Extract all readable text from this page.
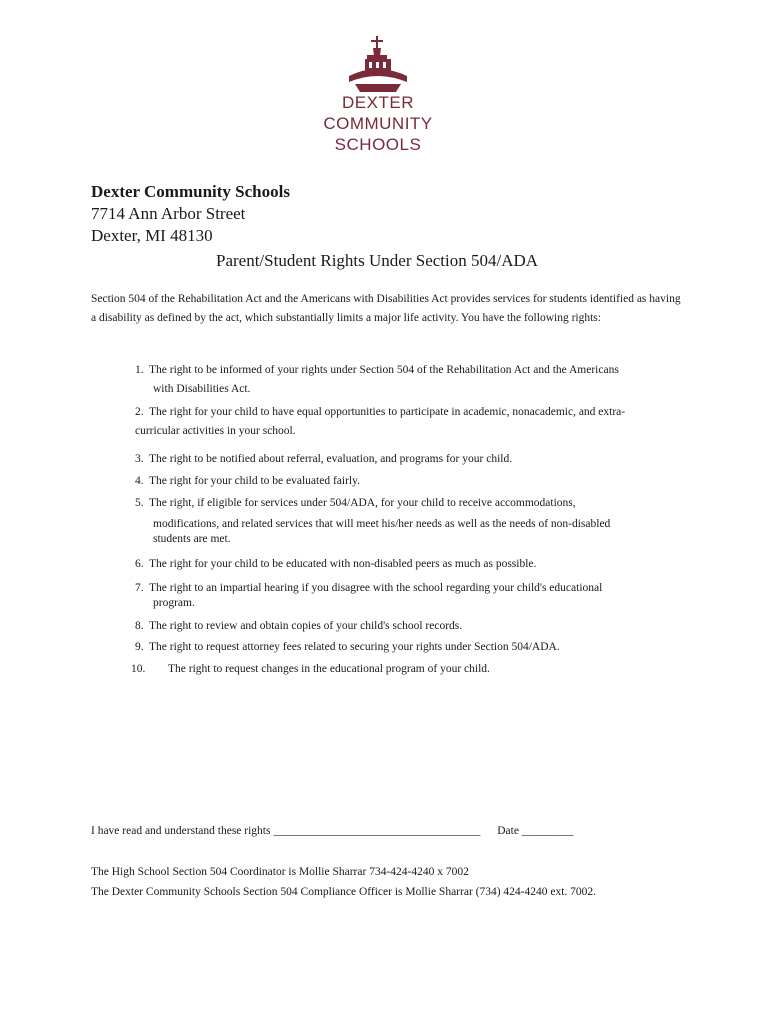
DEXTER
COMMUNITY
SCHOOLS
Dexter Community Schools
7714 Ann Arbor Street
Dexter, MI 48130
Parent/Student Rights Under Section 504/ADA
Section 504 of the Rehabilitation Act and the Americans with Disabilities Act provides services for students identified as having a disability as defined by the act, which substantially limits a major life activity. You have the following rights:
1. The right to be informed of your rights under Section 504 of the Rehabilitation Act and the Americans
with Disabilities Act.
2. The right for your child to have equal opportunities to participate in academic, nonacademic, and extra-
curricular activities in your school.
3. The right to be notified about referral, evaluation, and programs for your child.
4. The right for your child to be evaluated fairly.
5. The right, if eligible for services under 504/ADA, for your child to receive accommodations,
modifications, and related services that will meet his/her needs as well as the needs of non-disabled
students are met.
6. The right for your child to be educated with non-disabled peers as much as possible.
7. The right to an impartial hearing if you disagree with the school regarding your child's educational
program.
8. The right to review and obtain copies of your child's school records.
9. The right to request attorney fees related to securing your rights under Section 504/ADA.
10. The right to request changes in the educational program of your child.
I have read and understand these rights ____________________________________ Date _________
The High School Section 504 Coordinator is Mollie Sharrar 734-424-4240 x 7002
The Dexter Community Schools Section 504 Compliance Officer is Mollie Sharrar (734) 424-4240 ext. 7002.
